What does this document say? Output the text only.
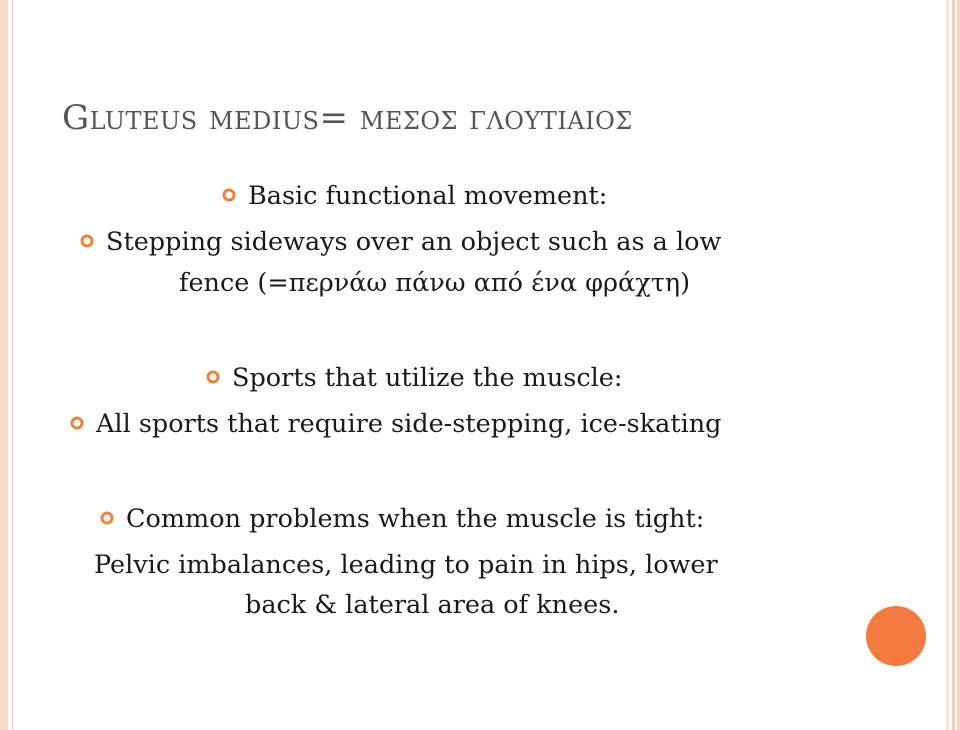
Gluteus medius= μεςος γλουτιαιος
Basic functional movement:
Stepping sideways over an object such as a low
fence (=περνάω πάνω από ένα φράχτη)
Sports that utilize the muscle:
All sports that require side-stepping, ice-skating
Common problems when the muscle is tight:
Pelvic imbalances, leading to pain in hips, lower
back & lateral area of knees.
